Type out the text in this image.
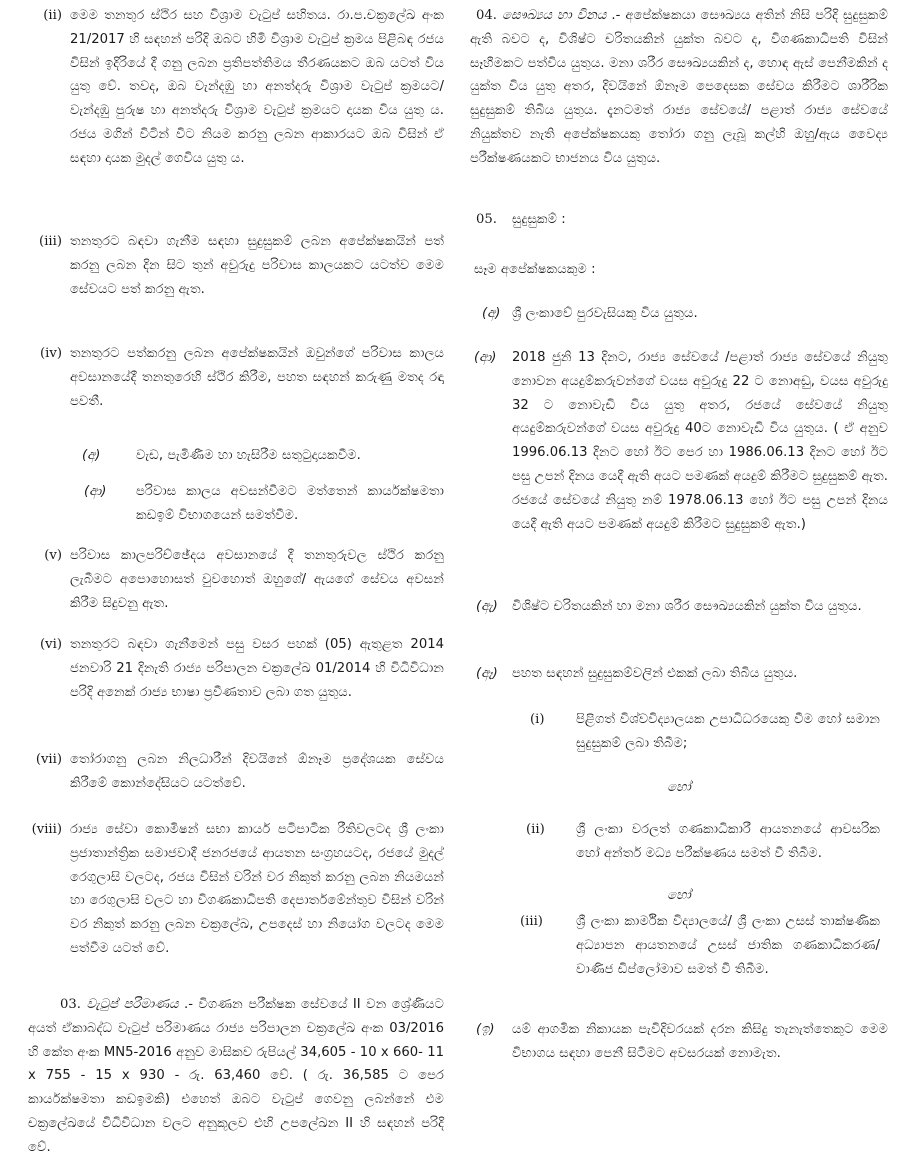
(ii) මෙම තනතුර ස්ථිර සහ විශ්‍රාම වැටුප් සහිතය. රා.ප.චක්‍රලේඛ අංක 21/2017 හි සඳහන් පරිදි ඔබට හිමි විශ්‍රාම වැටුප් ක්‍රමය පිළිබඳ රජය විසින් ඉදිරියේ දී ගනු ලබන ප්‍රතිපත්තිමය තීරණයකට ඔබ යටත් විය යුතු වේ. තවද, ඔබ වැන්දඹු හා අනත්දරු විශ්‍රාම වැටුප් ක්‍රමයට/වැන්දඹු පුරුෂ හා අනත්දරු විශ්‍රාම වැටුප් ක්‍රමයට දායක විය යුතු ය. රජය මගින් විටින් විට නියම කරනු ලබන ආකාරයට ඔබ විසින් ඒ සඳහා දායක මුදල් ගෙවිය යුතු ය.
(iii) තනතුරට බඳවා ගැනීම සඳහා සුදුසුකම් ලබන අපේක්ෂකයින් පත් කරනු ලබන දින සිට තුන් අවුරුදු පරිවාස කාලයකට යටත්ව මෙම සේවයට පත් කරනු ඇත.
(iv) තනතුරට පත්කරනු ලබන අපේක්ෂකයින් ඔවුන්ගේ පරිවාස කාලය අවසානයේදී තනතුරෙහි ස්ථිර කිරීම, පහත සඳහන් කරුණු මතද රඳා පවතී.
(අ)	වැඩ, පැමිණීම හා හැසිරීම සතුටුදායකවීම.
(ආ) පරිවාස කාලය අවසන්වීමට මත්තෙන් කාර්යක්ෂමතා කඩඉම් විභාගයෙන් සමත්වීම.
(v) පරිවාස කාලපරිච්ඡේදය අවසානයේ දී තනතුරුවල ස්ථිර කරනු ලැබීමට අපොහොසත් වුවහොත් ඔහුගේ/ ඇයගේ සේවය අවසන් කිරීම සිදුවනු ඇත.
(vi) තනතුරට බඳවා ගැනීමෙන් පසු වසර පහක් (05) ඇතුළත 2014 ජනවාරි 21 දිනැති රාජ්‍ය පරිපාලන චක්‍රලේඛ 01/2014 හි විධිවිධාන පරිදි අනෙක් රාජ්‍ය භාෂා ප්‍රවීණතාව ලබා ගත යුතුය.
(vii) තෝරාගනු ලබන නිලධාරීන් දිවයිනේ ඕනෑම ප්‍රදේශයක සේවය කිරීමේ කොන්දේසියට යටත්වේ.
(viii) රාජ්‍ය සේවා කොමිෂන් සභා කාර්ය පටිපාටික රීතිවලටද ශ්‍රී ලංකා ප්‍රජාතාන්ත්‍රික සමාජවාදී ජනරජයේ ආයතන සංග්‍රහයටද, රජයේ මුදල් රෙගුලාසි වලටද, රජය විසින් වරින් වර නිකුත් කරනු ලබන නියමයන් හා රෙගුලාසි වලට හා විගණකාධිපති දෙපාර්තමේන්තුව විසින් වරින් වර නිකුත් කරනු ලබන චක්‍රලේඛ, උපදෙස් හා නියෝග වලටද මෙම පත්වීම යටත් වේ.
03. වැටුප් පරිමාණය .- විගණන පරීක්ෂක සේවයේ II වන ශ්‍රේණියට අයත් ඒකාබද්ධ වැටුප් පරිමාණය රාජ්‍ය පරිපාලන චක්‍රලේඛ අංක 03/2016 හි කේත අංක MN5-2016 අනුව මාසිකව රුපියල් 34,605 - 10 x 660- 11 x 755 - 15 x 930 - රු. 63,460 වේ. ( රු. 36,585 ට පෙර කාර්යක්ෂමතා කඩඉමකි) එහෙත් ඔබට වැටුප් ගෙවනු ලබන්නේ එම චක්‍රලේඛයේ විධිවිධාන වලට අනුකූලව එහි උපලේඛන II හි සඳහන් පරිදි වේ.
04. සෞඛ්‍යය හා විනය .- අපේක්ෂකයා සෞඛ්‍යය අතින් නිසි පරිදි සුදුසුකම් ඇති බවට ද, විශිෂ්ට චරිතයකින් යුක්ත බවට ද, විගණකාධිපති විසින් සෑහීමකට පත්විය යුතුය. මනා ශරීර සෞඛ්‍යයකින් ද, හොඳ ඇස් පෙනීමකින් ද යුක්ත විය යුතු අතර, දිවයිනේ ඕනෑම පෙදෙසක සේවය කිරීමට ශාරීරික සුදුසුකම් තිබිය යුතුය. දැනටමත් රාජ්‍ය සේවයේ/ පළාත් රාජ්‍ය සේවයේ නියුක්තව නැති අපේක්ෂකයකු තෝරා ගනු ලැබූ කල්හි ඔහු/ඇය වෛද්‍ය පරීක්ෂණයකට භාජනය විය යුතුය.
05. සුදුසුකම් :
සෑම අපේක්ෂකයකුම :
(අ) ශ්‍රී ලංකාවේ පුරවැසියකු විය යුතුය.
(ආ) 2018 ජුනි 13 දිනට, රාජ්‍ය සේවයේ /පළාත් රාජ්‍ය සේවයේ නියුතු නොවන අයදුම්කරුවන්ගේ වයස අවුරුදු 22 ට නොඅඩු, වයස අවුරුදු 32 ට නොවැඩි විය යුතු අතර, රජයේ සේවයේ නියුතු අයදුම්කරුවන්ගේ වයස අවුරුදු 40ට නොවැඩි විය යුතුය. ( ඒ අනුව 1996.06.13 දිනට හෝ ඊට පෙර හා 1986.06.13 දිනට හෝ ඊට පසු උපන් දිනය යෙදී ඇති අයට පමණක් අයදුම් කිරීමට සුදුසුකම් ඇත. රජයේ සේවයේ නියුතු නම් 1978.06.13 හෝ ඊට පසු උපන් දිනය යෙදී ඇති අයට පමණක් අයදුම් කිරීමට සුදුසුකම් ඇත.)
(ඇ) විශිෂ්ට චරිතයකින් හා මනා ශරීර සෞඛ්‍යයකින් යුක්ත විය යුතුය.
(ඈ) පහත සඳහන් සුදුසුකම්වලින් එකක් ලබා තිබිය යුතුය.
(i) පිළිගත් විශ්වවිද්‍යාලයක උපාධිධරයෙකු වීම හෝ සමාන සුදුසුකම් ලබා තිබීම;
හෝ
(ii) ශ්‍රී ලංකා වරලත් ගණකාධිකාරී ආයතනයේ ආවසරික හෝ අන්තර් මධ්‍ය පරීක්ෂණය සමත් වී තිබීම.
හෝ
(iii)	ශ්‍රී ලංකා කාර්මික විද්‍යාලයේ/ ශ්‍රී ලංකා උසස් තාක්ෂණික අධ්‍යාපන ආයතනයේ උසස් ජාතික ගණකාධිකරණ/ වාණිජ ඩිප්ලෝමාව සමත් වී තිබීම.
(ඉ) යම් ආගමික නිකායක පැවිදිවරයක් දරන කිසිදු තැනැත්තෙකුට මෙම විභාගය සඳහා පෙනී සිටීමට අවසරයක් නොමැත.
